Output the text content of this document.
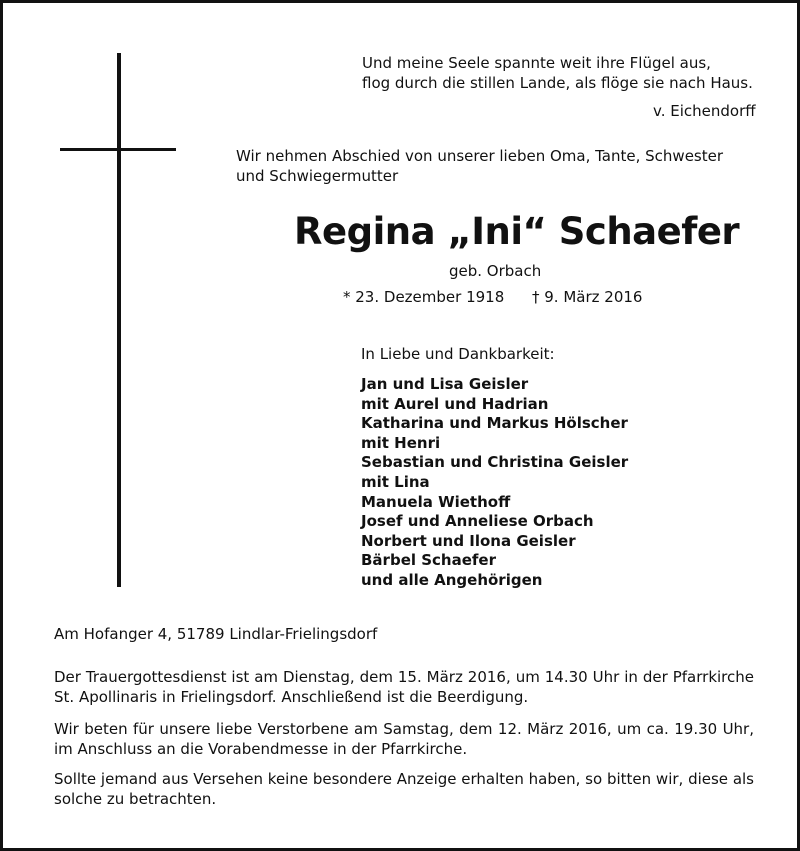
Und meine Seele spannte weit ihre Flügel aus,
flog durch die stillen Lande, als flöge sie nach Haus.
v. Eichendorff
Wir nehmen Abschied von unserer lieben Oma, Tante, Schwester und Schwiegermutter
Regina „Ini“ Schaefer
geb. Orbach
* 23. Dezember 1918 † 9. März 2016
In Liebe und Dankbarkeit:
Jan und Lisa Geisler
mit Aurel und Hadrian
Katharina und Markus Hölscher
mit Henri
Sebastian und Christina Geisler
mit Lina
Manuela Wiethoff
Josef und Anneliese Orbach
Norbert und Ilona Geisler
Bärbel Schaefer
und alle Angehörigen
Am Hofanger 4, 51789 Lindlar-Frielingsdorf
Der Trauergottesdienst ist am Dienstag, dem 15. März 2016, um 14.30 Uhr in der Pfarrkirche St. Apollinaris in Frielingsdorf. Anschließend ist die Beerdigung.
Wir beten für unsere liebe Verstorbene am Samstag, dem 12. März 2016, um ca. 19.30 Uhr, im Anschluss an die Vorabendmesse in der Pfarrkirche.
Sollte jemand aus Versehen keine besondere Anzeige erhalten haben, so bitten wir, diese als solche zu betrachten.
